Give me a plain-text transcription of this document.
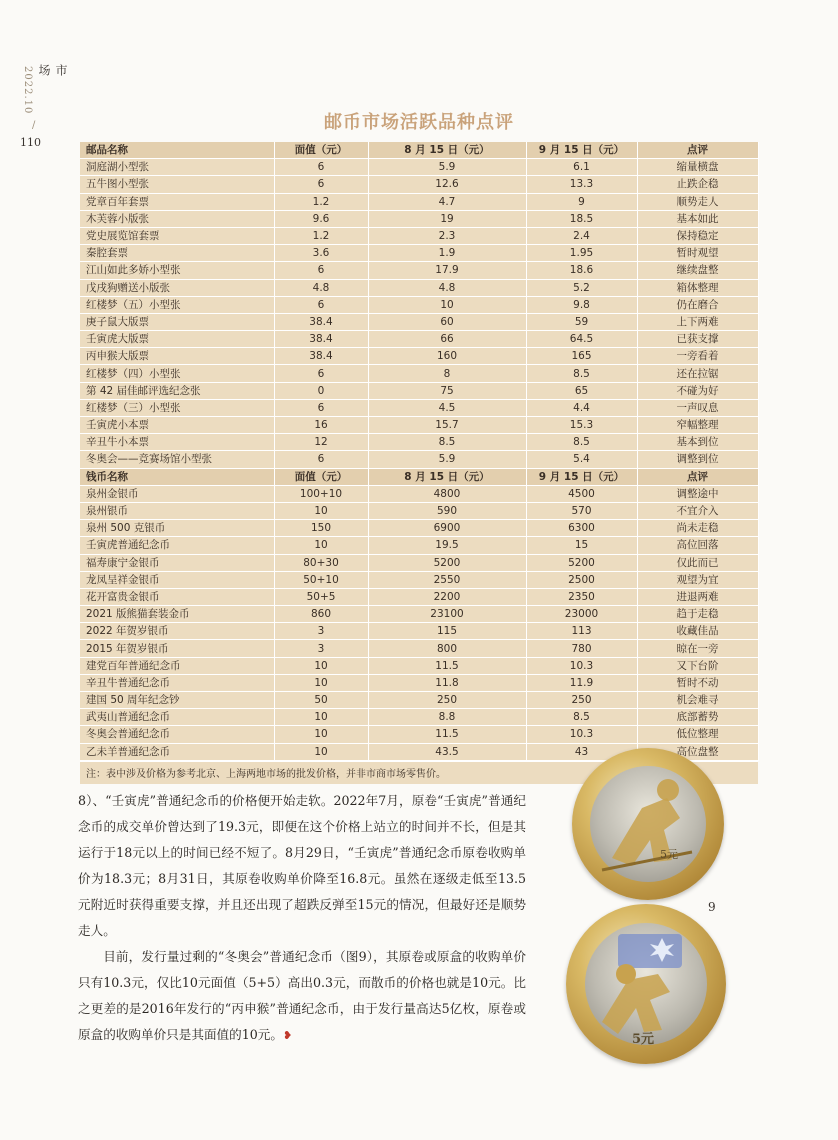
市场
2022.10
/
110
邮币市场活跃品种点评
邮品名称	面值（元）	8 月 15 日（元）	9 月 15 日（元）	点评
洞庭湖小型张	6	5.9	6.1	缩量横盘
五牛图小型张	6	12.6	13.3	止跌企稳
党章百年套票	1.2	4.7	9	顺势走人
木芙蓉小版张	9.6	19	18.5	基本如此
党史展览馆套票	1.2	2.3	2.4	保持稳定
秦腔套票	3.6	1.9	1.95	暂时观望
江山如此多娇小型张	6	17.9	18.6	继续盘整
戊戌狗赠送小版张	4.8	4.8	5.2	箱体整理
红楼梦（五）小型张	6	10	9.8	仍在磨合
庚子鼠大版票	38.4	60	59	上下两难
壬寅虎大版票	38.4	66	64.5	已获支撑
丙申猴大版票	38.4	160	165	一旁看着
红楼梦（四）小型张	6	8	8.5	还在拉锯
第 42 届佳邮评选纪念张	0	75	65	不碰为好
红楼梦（三）小型张	6	4.5	4.4	一声叹息
壬寅虎小本票	16	15.7	15.3	窄幅整理
辛丑牛小本票	12	8.5	8.5	基本到位
冬奥会——竞赛场馆小型张	6	5.9	5.4	调整到位
钱币名称	面值（元）	8 月 15 日（元）	9 月 15 日（元）	点评
泉州金银币	100+10	4800	4500	调整途中
泉州银币	10	590	570	不宜介入
泉州 500 克银币	150	6900	6300	尚未走稳
壬寅虎普通纪念币	10	19.5	15	高位回落
福寿康宁金银币	80+30	5200	5200	仅此而已
龙凤呈祥金银币	50+10	2550	2500	观望为宜
花开富贵金银币	50+5	2200	2350	进退两难
2021 版熊猫套装金币	860	23100	23000	趋于走稳
2022 年贺岁银币	3	115	113	收藏佳品
2015 年贺岁银币	3	800	780	晾在一旁
建党百年普通纪念币	10	11.5	10.3	又下台阶
辛丑牛普通纪念币	10	11.8	11.9	暂时不动
建国 50 周年纪念钞	50	250	250	机会难寻
武夷山普通纪念币	10	8.8	8.5	底部蓄势
冬奥会普通纪念币	10	11.5	10.3	低位整理
乙未羊普通纪念币	10	43.5	43	高位盘整
注：表中涉及价格为参考北京、上海两地市场的批发价格，并非市商市场零售价。

8）、“壬寅虎”普通纪念币的价格便开始走软。2022年7月，原卷“壬寅虎”普通纪念币的成交单价曾达到了19.3元，即便在这个价格上站立的时间并不长，但是其运行于18元以上的时间已经不短了。8月29日，“壬寅虎”普通纪念币原卷收购单价为18.3元；8月31日，其原卷收购单价降至16.8元。虽然在逐级走低至13.5元附近时获得重要支撑，并且还出现了超跌反弹至15元的情况，但最好还是顺势走人。

目前，发行量过剩的“冬奥会”普通纪念币（图9），其原卷或原盒的收购单价只有10.3元，仅比10元面值（5+5）高出0.3元，而散币的价格也就是10元。比之更差的是2016年发行的“丙申猴”普通纪念币，由于发行量高达5亿枚，原卷或原盒的收购单价只是其面值的10元。❥

5元
9
5元
